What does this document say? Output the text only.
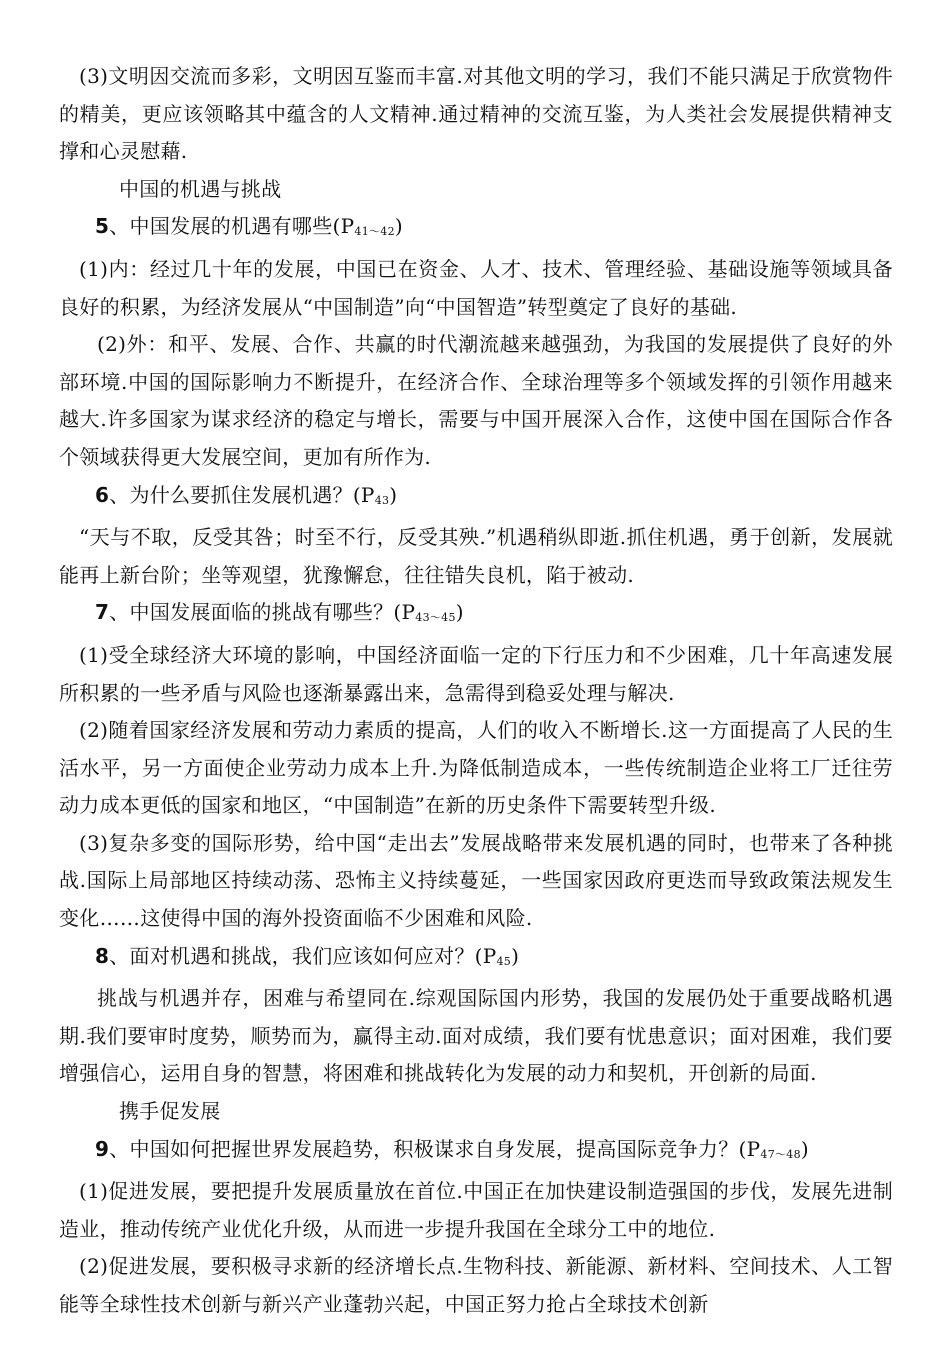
(3)文明因交流而多彩，文明因互鉴而丰富.对其他文明的学习，我们不能只满足于欣赏物件的精美，更应该领略其中蕴含的人文精神.通过精神的交流互鉴，为人类社会发展提供精神支撑和心灵慰藉.

中国的机遇与挑战

5、中国发展的机遇有哪些(P41～42)

(1)内：经过几十年的发展，中国已在资金、人才、技术、管理经验、基础设施等领域具备良好的积累，为经济发展从“中国制造”向“中国智造”转型奠定了良好的基础.

(2)外：和平、发展、合作、共赢的时代潮流越来越强劲，为我国的发展提供了良好的外部环境.中国的国际影响力不断提升，在经济合作、全球治理等多个领域发挥的引领作用越来越大.许多国家为谋求经济的稳定与增长，需要与中国开展深入合作，这使中国在国际合作各个领域获得更大发展空间，更加有所作为.

6、为什么要抓住发展机遇？(P43)

“天与不取，反受其咎；时至不行，反受其殃.”机遇稍纵即逝.抓住机遇，勇于创新，发展就能再上新台阶；坐等观望，犹豫懈怠，往往错失良机，陷于被动.

7、中国发展面临的挑战有哪些？(P43～45)

(1)受全球经济大环境的影响，中国经济面临一定的下行压力和不少困难，几十年高速发展所积累的一些矛盾与风险也逐渐暴露出来，急需得到稳妥处理与解决.

(2)随着国家经济发展和劳动力素质的提高，人们的收入不断增长.这一方面提高了人民的生活水平，另一方面使企业劳动力成本上升.为降低制造成本，一些传统制造企业将工厂迁往劳动力成本更低的国家和地区，“中国制造”在新的历史条件下需要转型升级.

(3)复杂多变的国际形势，给中国“走出去”发展战略带来发展机遇的同时，也带来了各种挑战.国际上局部地区持续动荡、恐怖主义持续蔓延，一些国家因政府更迭而导致政策法规发生变化……这使得中国的海外投资面临不少困难和风险.

8、面对机遇和挑战，我们应该如何应对？(P45)

挑战与机遇并存，困难与希望同在.综观国际国内形势，我国的发展仍处于重要战略机遇期.我们要审时度势，顺势而为，赢得主动.面对成绩，我们要有忧患意识；面对困难，我们要增强信心，运用自身的智慧，将困难和挑战转化为发展的动力和契机，开创新的局面.

携手促发展

9、中国如何把握世界发展趋势，积极谋求自身发展，提高国际竞争力？(P47～48)

(1)促进发展，要把提升发展质量放在首位.中国正在加快建设制造强国的步伐，发展先进制造业，推动传统产业优化升级，从而进一步提升我国在全球分工中的地位.

(2)促进发展，要积极寻求新的经济增长点.生物科技、新能源、新材料、空间技术、人工智能等全球性技术创新与新兴产业蓬勃兴起，中国正努力抢占全球技术创新
